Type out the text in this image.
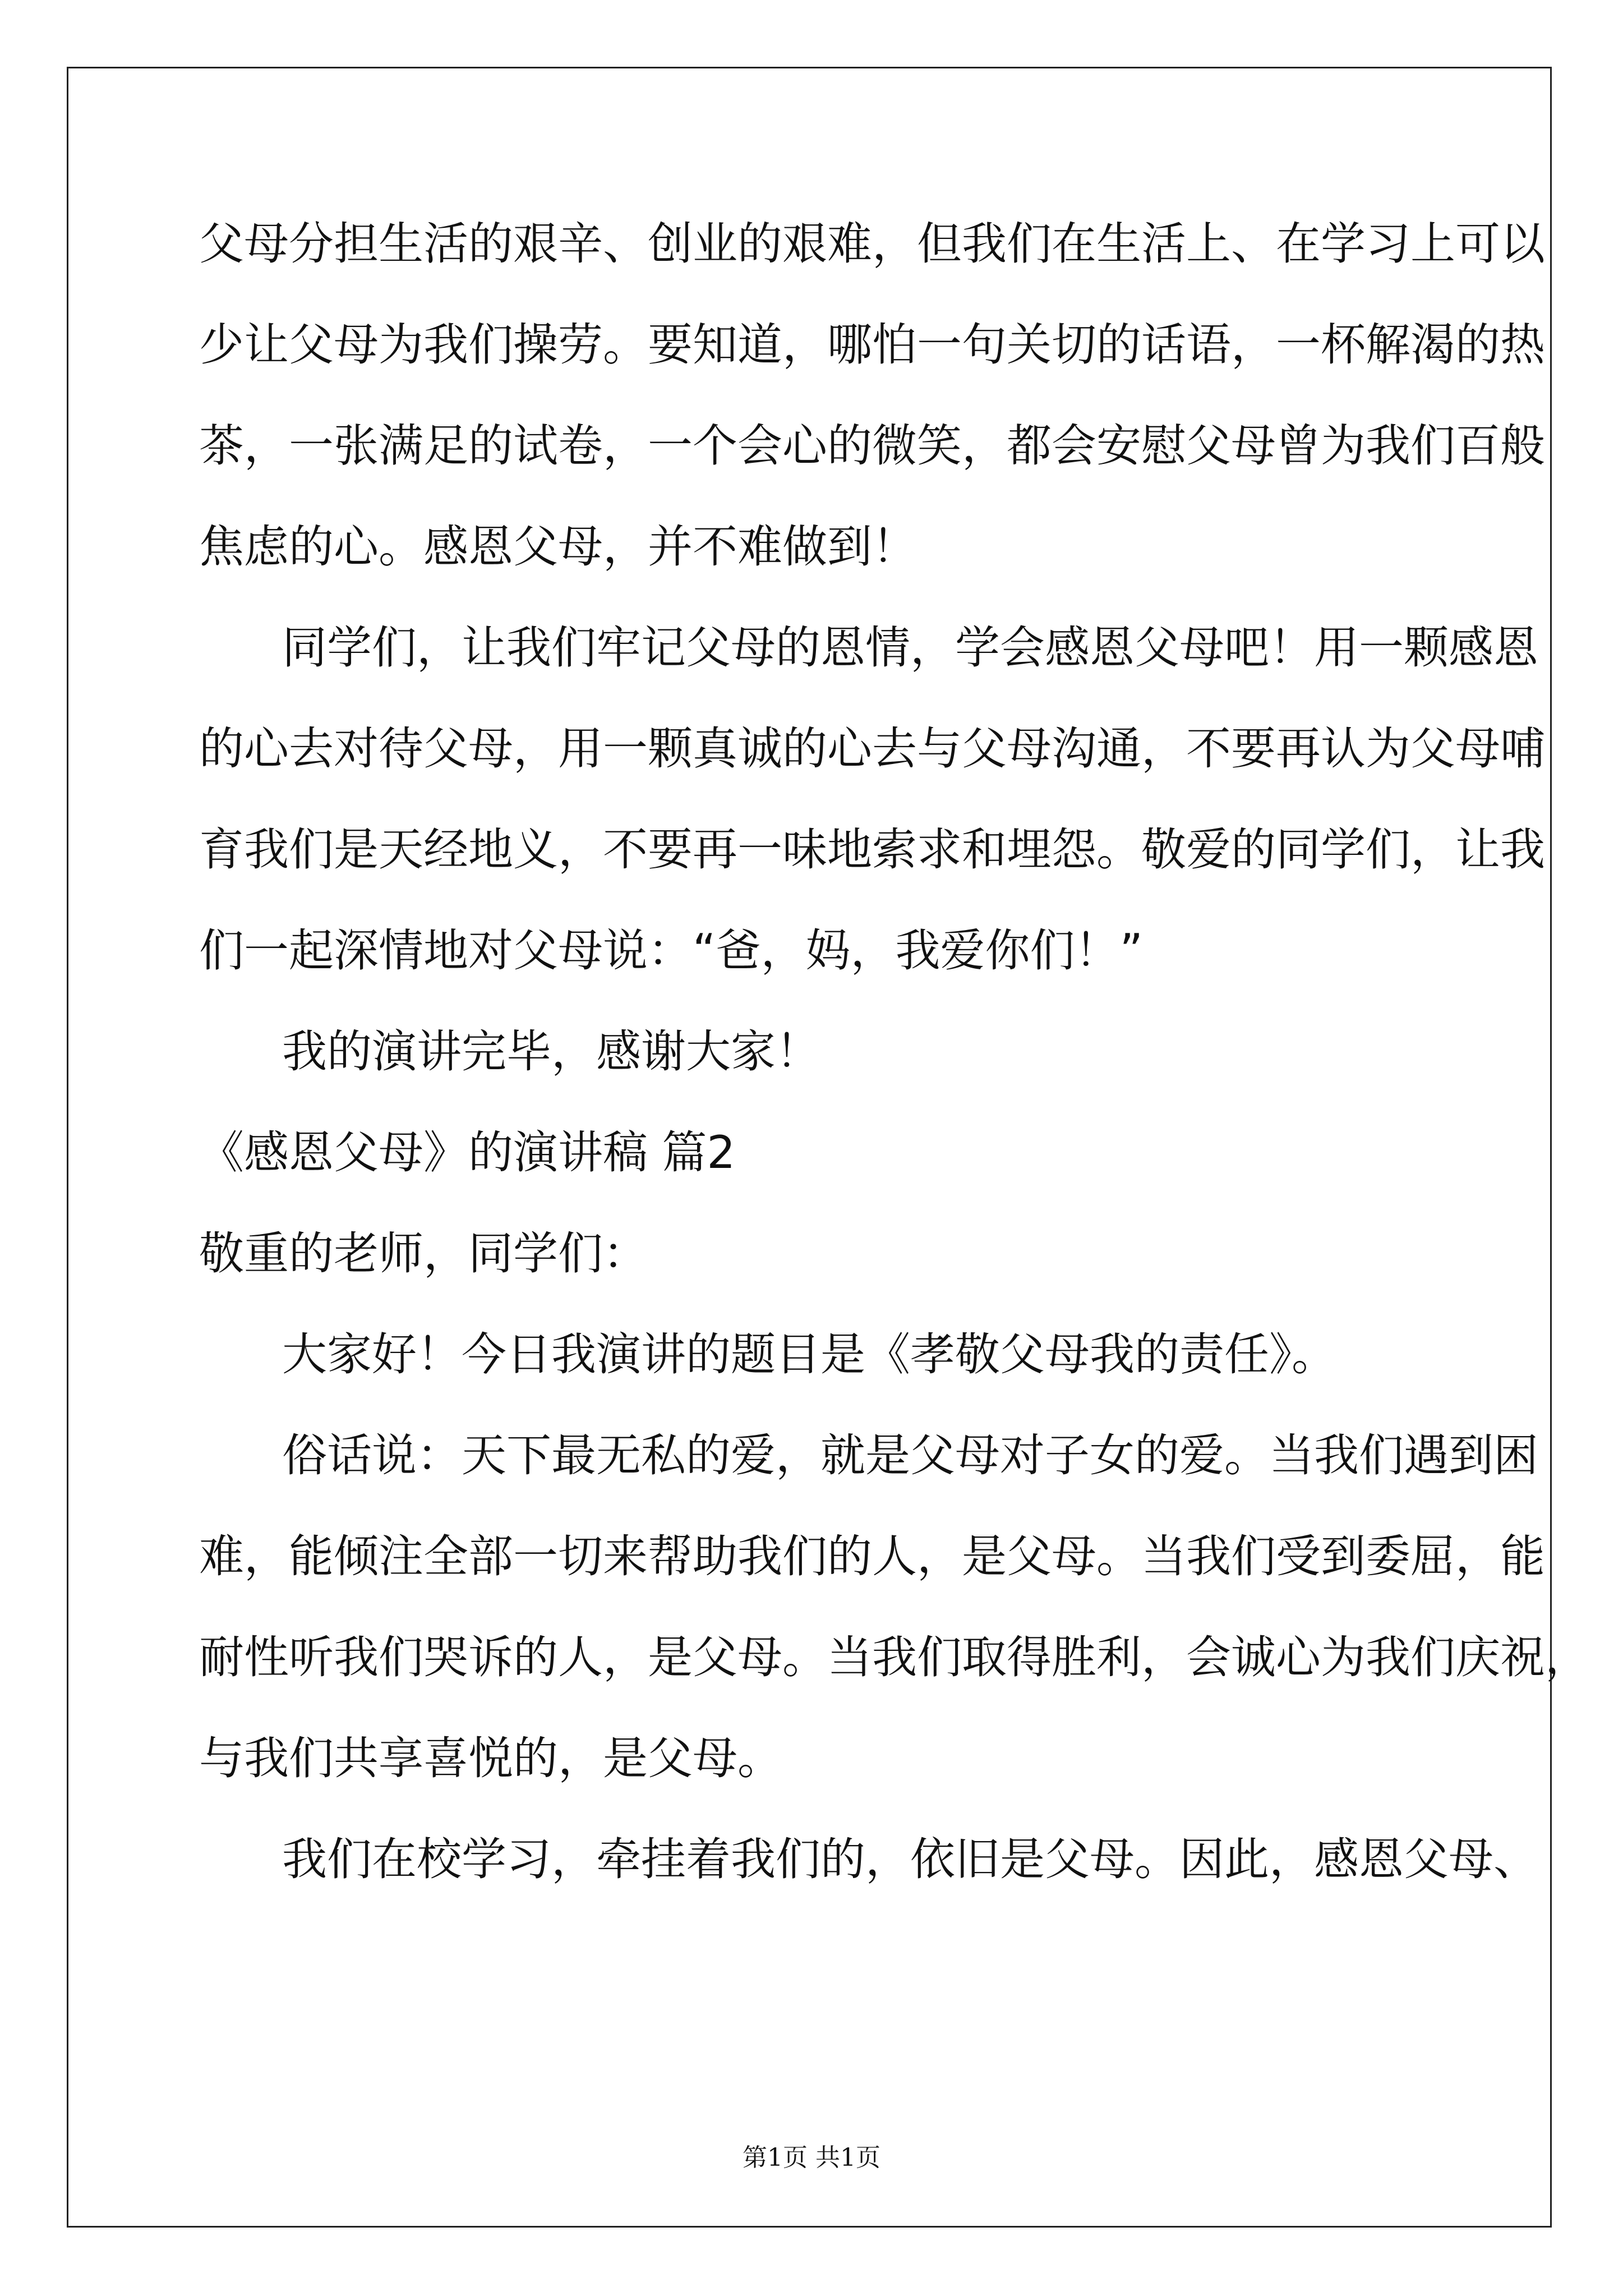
父母分担生活的艰辛、创业的艰难，但我们在生活上、在学习上可以
少让父母为我们操劳。要知道，哪怕一句关切的话语，一杯解渴的热
茶，一张满足的试卷，一个会心的微笑，都会安慰父母曾为我们百般
焦虑的心。感恩父母，并不难做到！
同学们，让我们牢记父母的恩情，学会感恩父母吧！用一颗感恩
的心去对待父母，用一颗真诚的心去与父母沟通，不要再认为父母哺
育我们是天经地义，不要再一味地索求和埋怨。敬爱的同学们，让我
们一起深情地对父母说：“爸，妈，我爱你们！”
我的演讲完毕，感谢大家！
《感恩父母》的演讲稿 篇2
敬重的老师，同学们：
大家好！今日我演讲的题目是《孝敬父母我的责任》。
俗话说：天下最无私的爱，就是父母对子女的爱。当我们遇到困
难，能倾注全部一切来帮助我们的人，是父母。当我们受到委屈，能
耐性听我们哭诉的人，是父母。当我们取得胜利，会诚心为我们庆祝，
与我们共享喜悦的，是父母。
我们在校学习，牵挂着我们的，依旧是父母。因此，感恩父母、
第1页 共1页
